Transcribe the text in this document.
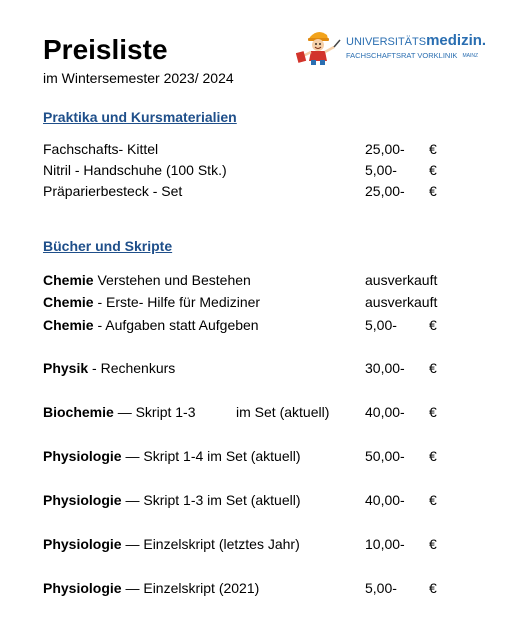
Preisliste
im Wintersemester 2023/ 2024
UNIVERSITÄTSmedizin.
FACHSCHAFTSRAT VORKLINIK MAINZ
Praktika und Kursmaterialien
Fachschafts- Kittel	25,00- €
Nitril - Handschuhe (100 Stk.)	5,00- €
Präparierbesteck - Set	25,00- €
Bücher und Skripte
Chemie Verstehen und Bestehen	ausverkauft
Chemie - Erste- Hilfe für Mediziner	ausverkauft
Chemie - Aufgaben statt Aufgeben	5,00- €
Physik - Rechenkurs	30,00- €
Biochemie — Skript 1-3	im Set (aktuell)	40,00- €
Physiologie — Skript 1-4 im Set (aktuell)	50,00- €
Physiologie — Skript 1-3 im Set (aktuell)	40,00- €
Physiologie — Einzelskript (letztes Jahr)	10,00- €
Physiologie — Einzelskript (2021)	5,00- €
